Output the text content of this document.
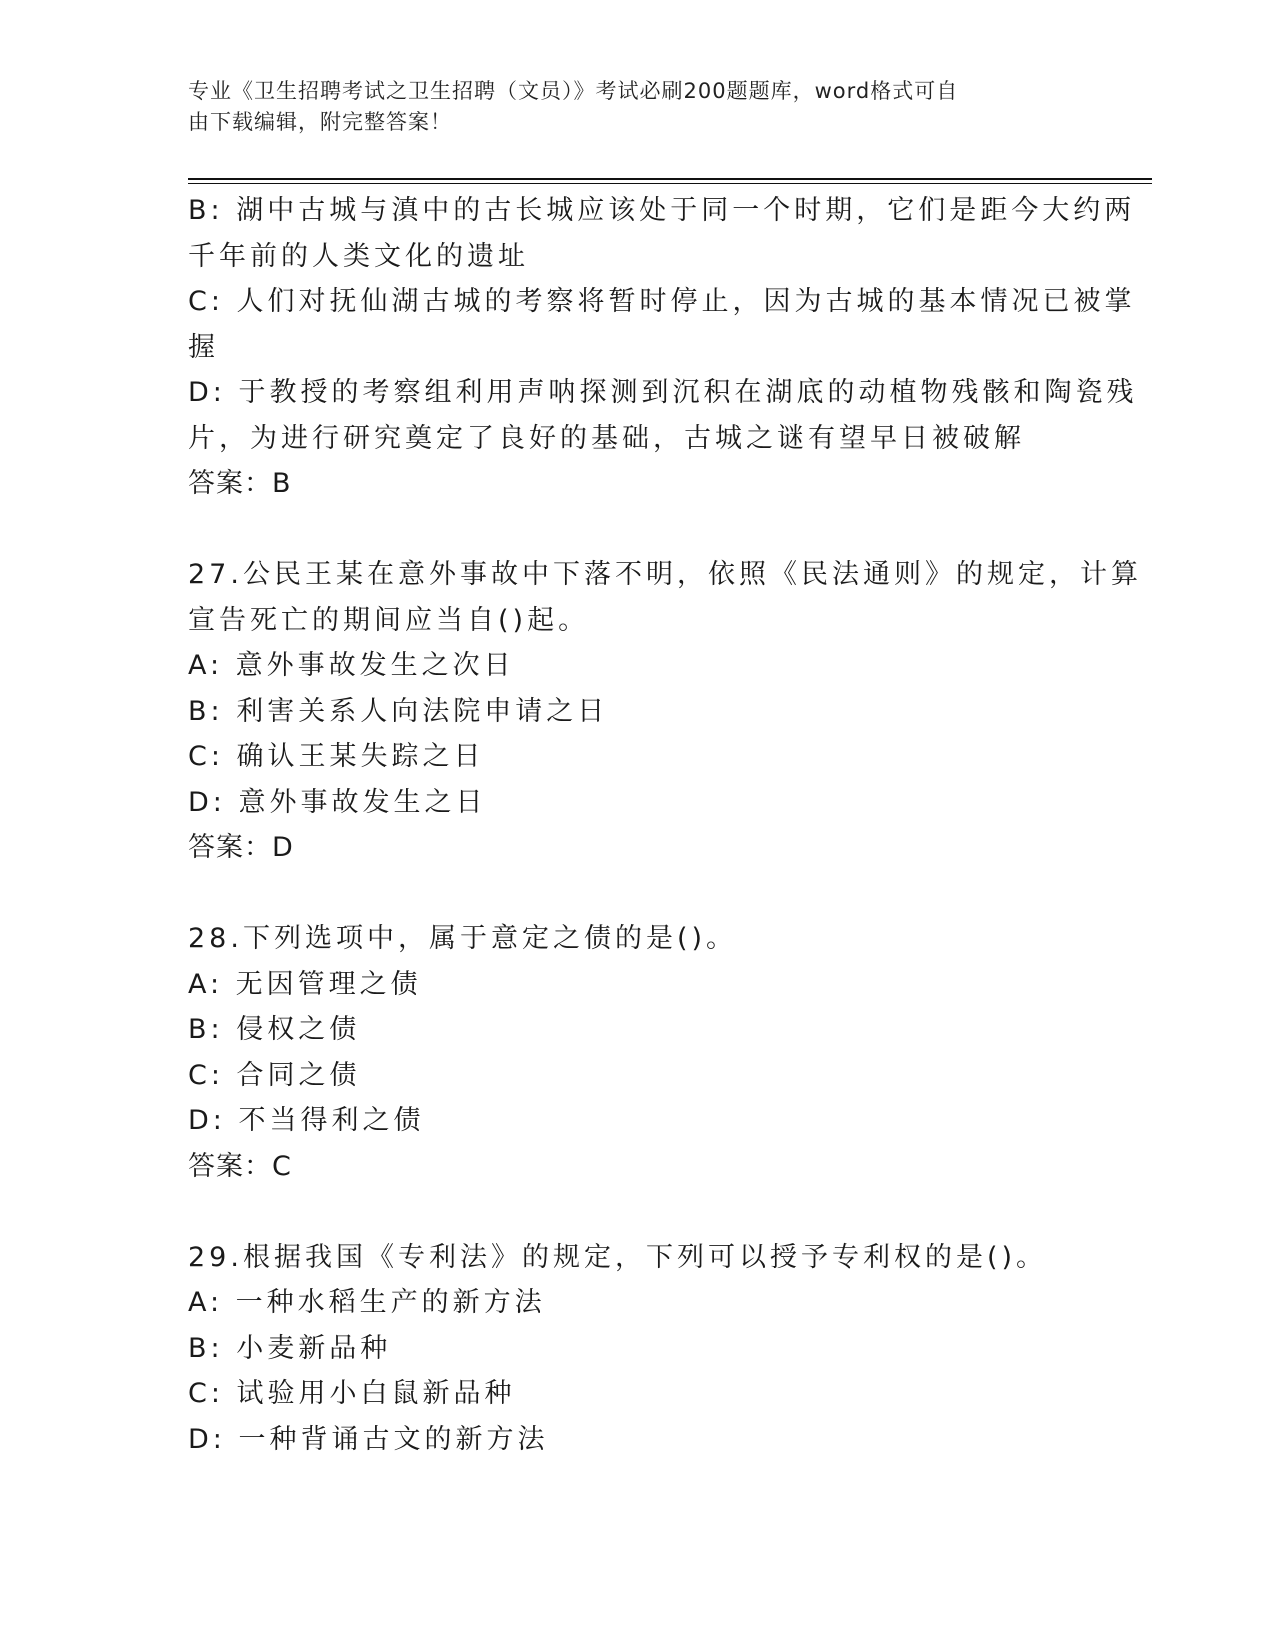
专业《卫生招聘考试之卫生招聘（文员）》考试必刷200题题库，word格式可自
由下载编辑，附完整答案！
B: 湖中古城与滇中的古长城应该处于同一个时期，它们是距今大约两
千年前的人类文化的遗址
C: 人们对抚仙湖古城的考察将暂时停止，因为古城的基本情况已被掌
握
D: 于教授的考察组利用声呐探测到沉积在湖底的动植物残骸和陶瓷残
片，为进行研究奠定了良好的基础，古城之谜有望早日被破解
答案：B
27.公民王某在意外事故中下落不明，依照《民法通则》的规定，计算
宣告死亡的期间应当自()起。
A: 意外事故发生之次日
B: 利害关系人向法院申请之日
C: 确认王某失踪之日
D: 意外事故发生之日
答案：D
28.下列选项中，属于意定之债的是()。
A: 无因管理之债
B: 侵权之债
C: 合同之债
D: 不当得利之债
答案：C
29.根据我国《专利法》的规定，下列可以授予专利权的是()。
A: 一种水稻生产的新方法
B: 小麦新品种
C: 试验用小白鼠新品种
D: 一种背诵古文的新方法
